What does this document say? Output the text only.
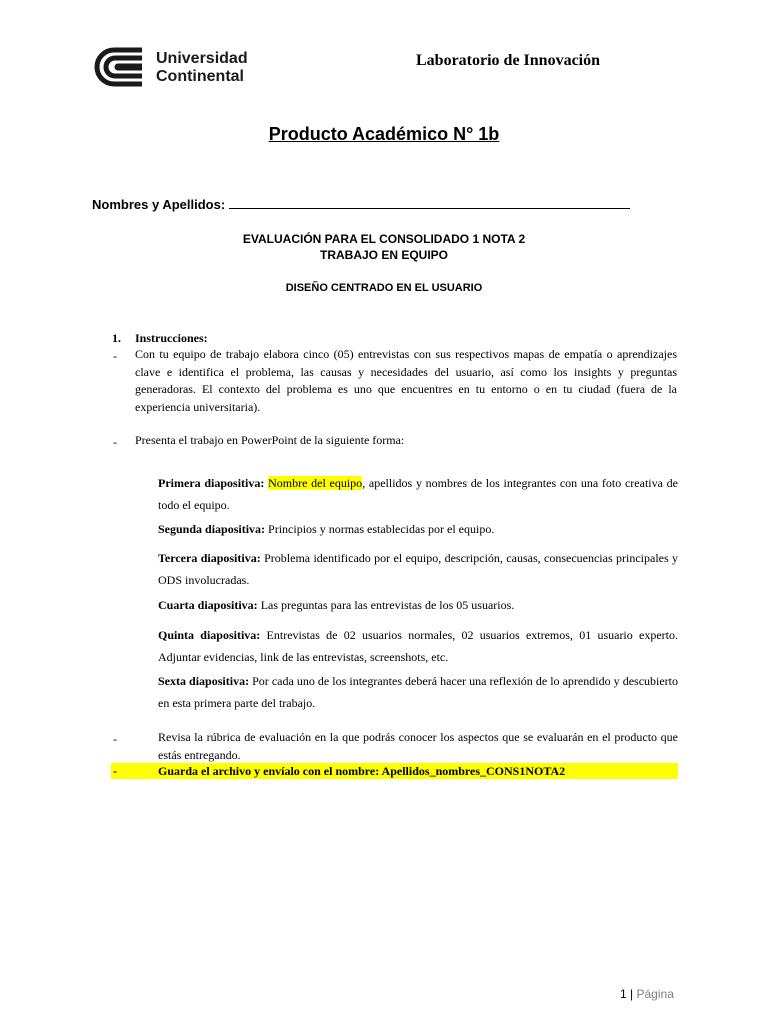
Universidad
Continental
Laboratorio de Innovación
Producto Académico N° 1b
Nombres y Apellidos:
EVALUACIÓN PARA EL CONSOLIDADO 1 NOTA 2
TRABAJO EN EQUIPO
DISEÑO CENTRADO EN EL USUARIO
1. Instrucciones:
- Con tu equipo de trabajo elabora cinco (05) entrevistas con sus respectivos mapas de empatía o aprendizajes clave e identifica el problema, las causas y necesidades del usuario, así como los insights y preguntas generadoras. El contexto del problema es uno que encuentres en tu entorno o en tu ciudad (fuera de la experiencia universitaria).
- Presenta el trabajo en PowerPoint de la siguiente forma:
Primera diapositiva: Nombre del equipo, apellidos y nombres de los integrantes con una foto creativa de todo el equipo.
Segunda diapositiva: Principios y normas establecidas por el equipo.
Tercera diapositiva: Problema identificado por el equipo, descripción, causas, consecuencias principales y ODS involucradas.
Cuarta diapositiva: Las preguntas para las entrevistas de los 05 usuarios.
Quinta diapositiva: Entrevistas de 02 usuarios normales, 02 usuarios extremos, 01 usuario experto. Adjuntar evidencias, link de las entrevistas, screenshots, etc.
Sexta diapositiva: Por cada uno de los integrantes deberá hacer una reflexión de lo aprendido y descubierto en esta primera parte del trabajo.
-	Revisa la rúbrica de evaluación en la que podrás conocer los aspectos que se evaluarán en el producto que estás entregando.
-	Guarda el archivo y envíalo con el nombre: Apellidos_nombres_CONS1NOTA2
1 | Página
